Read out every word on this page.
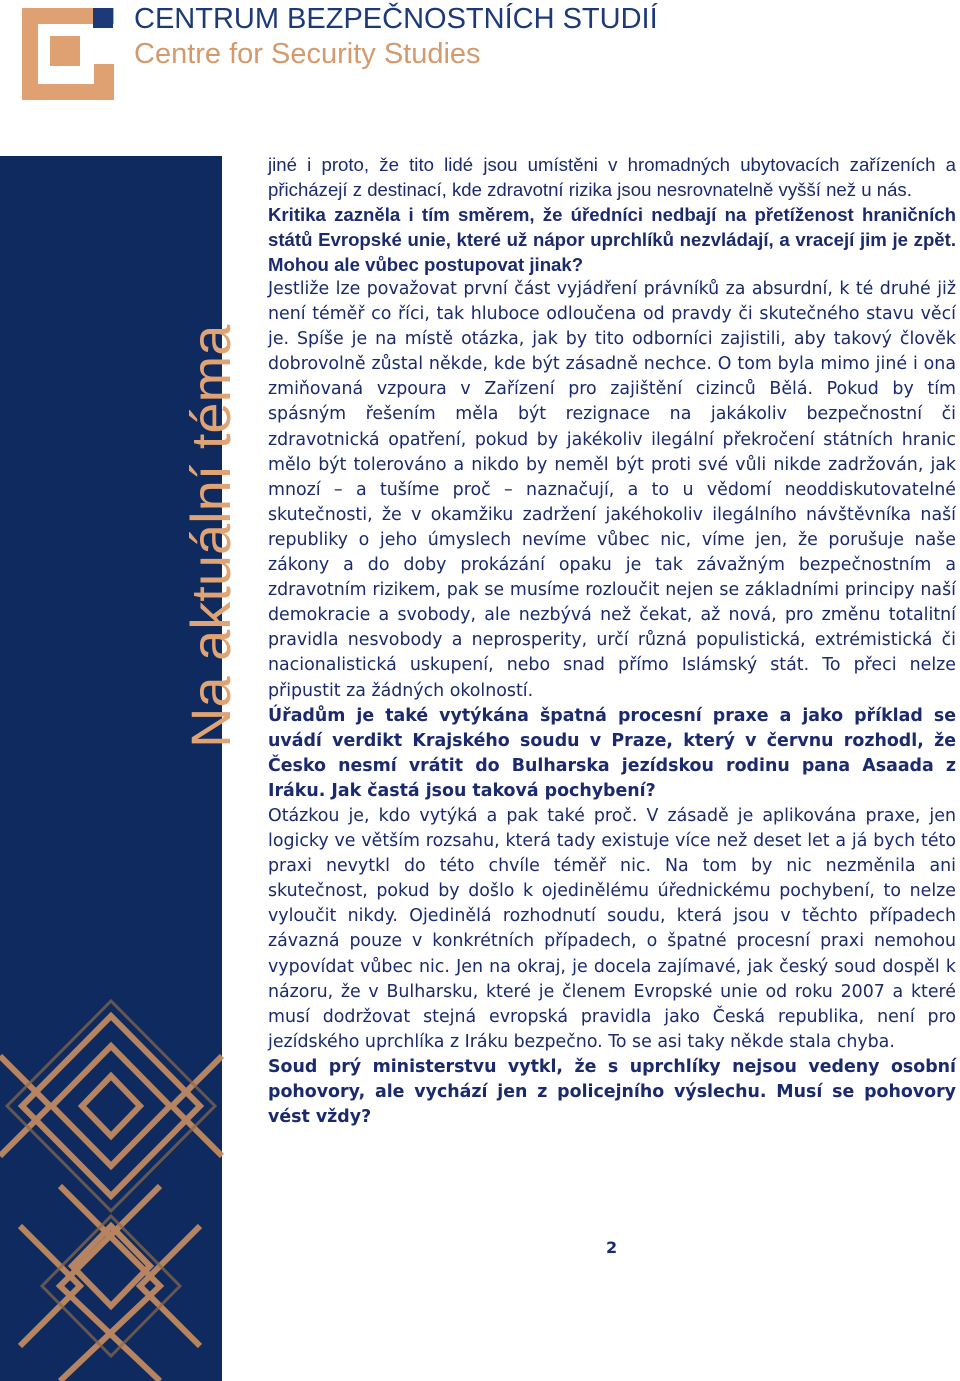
CENTRUM BEZPEČNOSTNÍCH STUDIÍ
Centre for Security Studies
Na aktuální téma

jiné i proto, že tito lidé jsou umístěni v hromadných ubytovacích zařízeních a přicházejí z destinací, kde zdravotní rizika jsou nesrovnatelně vyšší než u nás.

Kritika zazněla i tím směrem, že úředníci nedbají na přetíženost hraničních států Evropské unie, které už nápor uprchlíků nezvládají, a vracejí jim je zpět. Mohou ale vůbec postupovat jinak?

Jestliže lze považovat první část vyjádření právníků za absurdní, k té druhé již není téměř co říci, tak hluboce odloučena od pravdy či skutečného stavu věcí je. Spíše je na místě otázka, jak by tito odborníci zajistili, aby takový člověk dobrovolně zůstal někde, kde být zásadně nechce. O tom byla mimo jiné i ona zmiňovaná vzpoura v Zařízení pro zajištění cizinců Bělá. Pokud by tím spásným řešením měla být rezignace na jakákoliv bezpečnostní či zdravotnická opatření, pokud by jakékoliv ilegální překročení státních hranic mělo být tolerováno a nikdo by neměl být proti své vůli nikde zadržován, jak mnozí – a tušíme proč – naznačují, a to u vědomí neoddiskutovatelné skutečnosti, že v okamžiku zadržení jakéhokoliv ilegálního návštěvníka naší republiky o jeho úmyslech nevíme vůbec nic, víme jen, že porušuje naše zákony a do doby prokázání opaku je tak závažným bezpečnostním a zdravotním rizikem, pak se musíme rozloučit nejen se základními principy naší demokracie a svobody, ale nezbývá než čekat, až nová, pro změnu totalitní pravidla nesvobody a neprosperity, určí různá populistická, extrémistická či nacionalistická uskupení, nebo snad přímo Islámský stát. To přeci nelze připustit za žádných okolností.

Úřadům je také vytýkána špatná procesní praxe a jako příklad se uvádí verdikt Krajského soudu v Praze, který v červnu rozhodl, že Česko nesmí vrátit do Bulharska jezídskou rodinu pana Asaada z Iráku. Jak častá jsou taková pochybení?

Otázkou je, kdo vytýká a pak také proč. V zásadě je aplikována praxe, jen logicky ve větším rozsahu, která tady existuje více než deset let a já bych této praxi nevytkl do této chvíle téměř nic. Na tom by nic nezměnila ani skutečnost, pokud by došlo k ojedinělému úřednickému pochybení, to nelze vyloučit nikdy. Ojedinělá rozhodnutí soudu, která jsou v těchto případech závazná pouze v konkrétních případech, o špatné procesní praxi nemohou vypovídat vůbec nic. Jen na okraj, je docela zajímavé, jak český soud dospěl k názoru, že v Bulharsku, které je členem Evropské unie od roku 2007 a které musí dodržovat stejná evropská pravidla jako Česká republika, není pro jezídského uprchlíka z Iráku bezpečno. To se asi taky někde stala chyba.

Soud prý ministerstvu vytkl, že s uprchlíky nejsou vedeny osobní pohovory, ale vychází jen z policejního výslechu. Musí se pohovory vést vždy?

2
